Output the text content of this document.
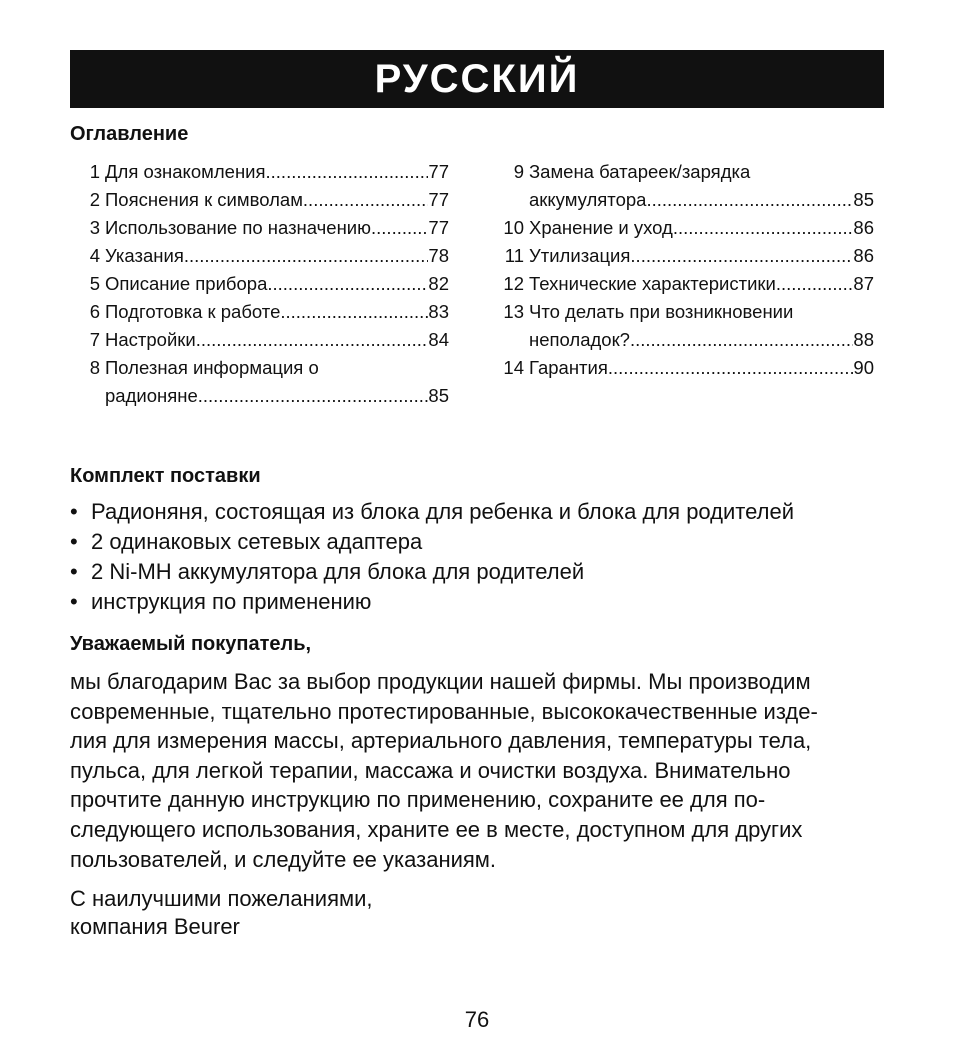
РУССКИЙ
Оглавление
1 Для ознакомления .....	77
2 Пояснения к символам .....	77
3 Использование по назначению .....	77
4 Указания .....	78
5 Описание прибора .....	82
6 Подготовка к работе .....	83
7 Настройки .....	84
8 Полезная информация о
радионяне .....	85
9 Замена батареек/зарядка
аккумулятора .....	85
10 Хранение и уход .....	86
11 Утилизация .....	86
12 Технические характеристики .....	87
13 Что делать при возникновении
неполадок? .....	88
14 Гарантия .....	90
Комплект поставки
• Радионяня, состоящая из блока для ребенка и блока для родителей
• 2 одинаковых сетевых адаптера
• 2 Ni-MH аккумулятора для блока для родителей
• инструкция по применению
Уважаемый покупатель,
мы благодарим Вас за выбор продукции нашей фирмы. Мы производим
современные, тщательно протестированные, высококачественные изде-
лия для измерения массы, артериального давления, температуры тела,
пульса, для легкой терапии, массажа и очистки воздуха. Внимательно
прочтите данную инструкцию по применению, сохраните ее для по-
следующего использования, храните ее в месте, доступном для других
пользователей, и следуйте ее указаниям.
С наилучшими пожеланиями,
компания Beurer
76
